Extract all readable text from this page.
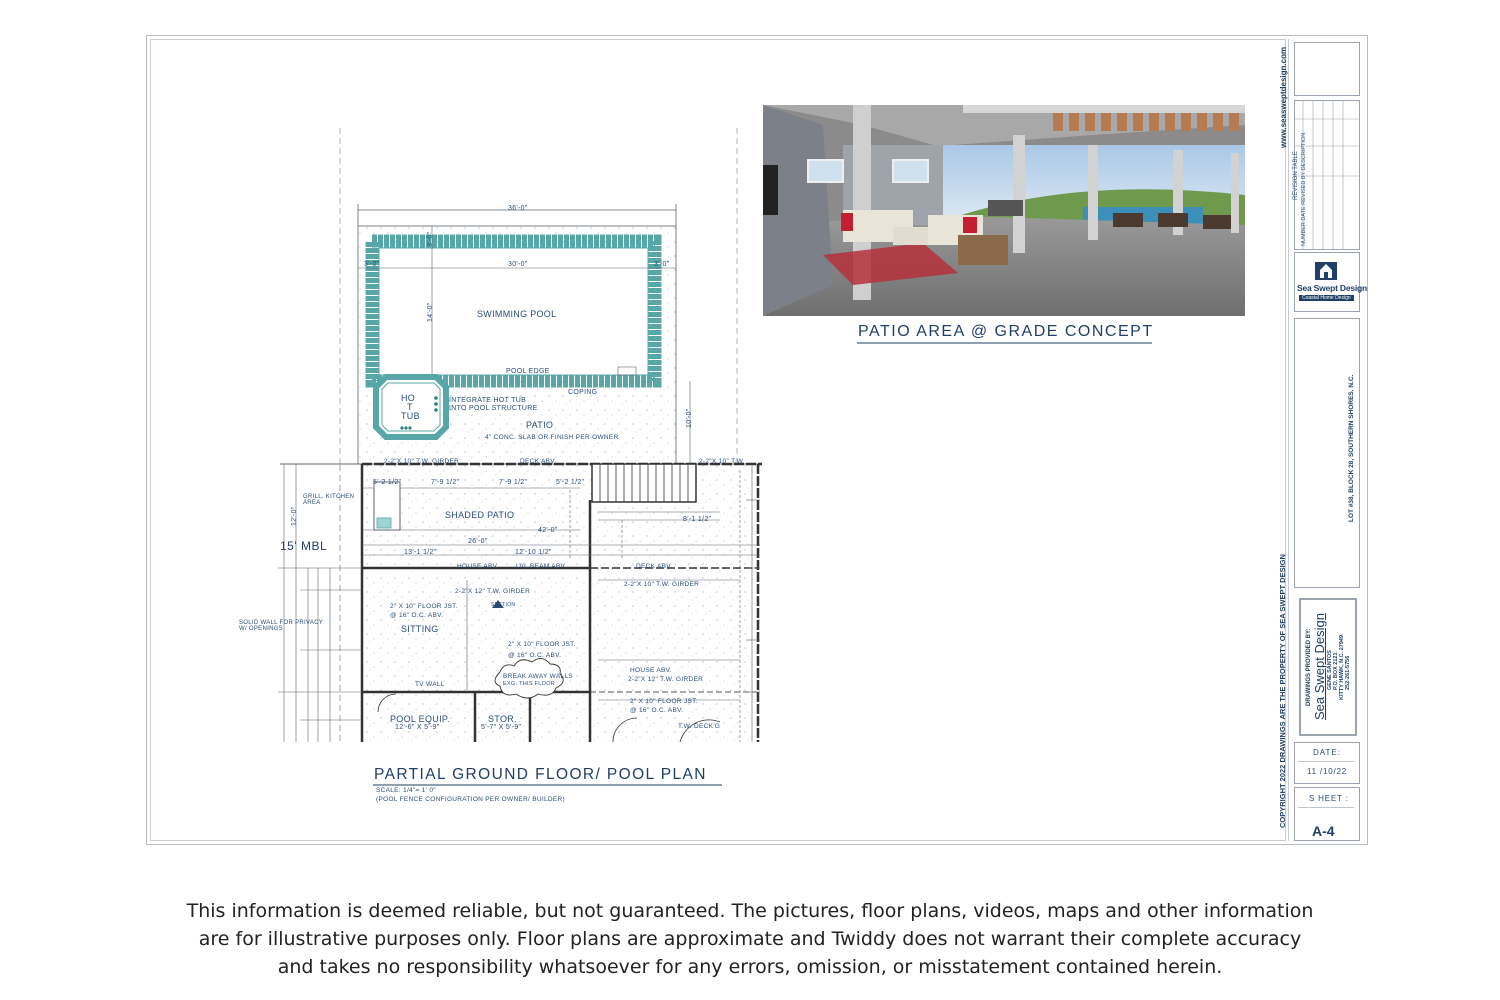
36'-0"
30'-0"
3'-0"	3'-0"
3'-0"
14'-0"
10'-0"
SWIMMING POOL
POOL EDGE
COPING
HO
T
TUB
INTEGRATE HOT TUB
INTO POOL STRUCTURE
PATIO
4" CONC. SLAB OR FINISH PER OWNER
2-2"X 10" T.W. GIRDER	DECK ABV.	2-2"X 10" T.W.
GRILL, KITCHEN AREA
SHADED PATIO
42'-0"
26'-0"
12'-10 1/2"
13'-1 1/2"
7'-9 1/2"	7'-9 1/2"
5'-2 1/2"	5'-2 1/2"
12'-0"	8'-1 1/2"
15' MBL
HOUSE ABV.	LVL BEAM ABV.	DECK ABV.
2-2"X 12" T.W. GIRDER
2-2"X 10" T.W. GIRDER
2" X 10" FLOOR JST.
@ 16" O.C. ABV.
SECTION
SITTING
SOLID WALL FOR PRIVACY W/ OPENINGS
2" X 10" FLOOR JST.
@ 16" O.C. ABV.
BREAK AWAY WALLS
EXG. THIS FLOOR
TV WALL
HOUSE ABV.
2-2"X 12" T.W. GIRDER
2" X 10" FLOOR JST.
@ 16" O.C. ABV.
POOL EQUIP.
12'-6" X 5'-9"
STOR.
5'-7" X 5'-9"	T.W. DECK'G
PARTIAL GROUND FLOOR/ POOL PLAN
SCALE: 1/4"= 1' 0"
(POOL FENCE CONFIGURATION PER OWNER/ BUILDER)
PATIO AREA @ GRADE CONCEPT
www.seasweptdesign.com
COPYRIGHT 2022 DRAWINGS ARE THE PROPERTY OF SEA SWEPT DESIGN
REVISION TABLE NUMBER DATE REVISED BY DESCRIPTION
Sea Swept Design
Coastal Home Design
LOT #38, BLOCK 28, SOUTHERN SHORES, N.C.
DRAWINGS PROVIDED BY: Sea Swept Design GENE SANTOS P.O. BOX 2121 KITTY HAWK, N.C. 27949 252-261-5756
DATE:
11 /10/22
S HEET :
A-4
This information is deemed reliable, but not guaranteed. The pictures, floor plans, videos, maps and other information
are for illustrative purposes only. Floor plans are approximate and Twiddy does not warrant their complete accuracy
and takes no responsibility whatsoever for any errors, omission, or misstatement contained herein.
